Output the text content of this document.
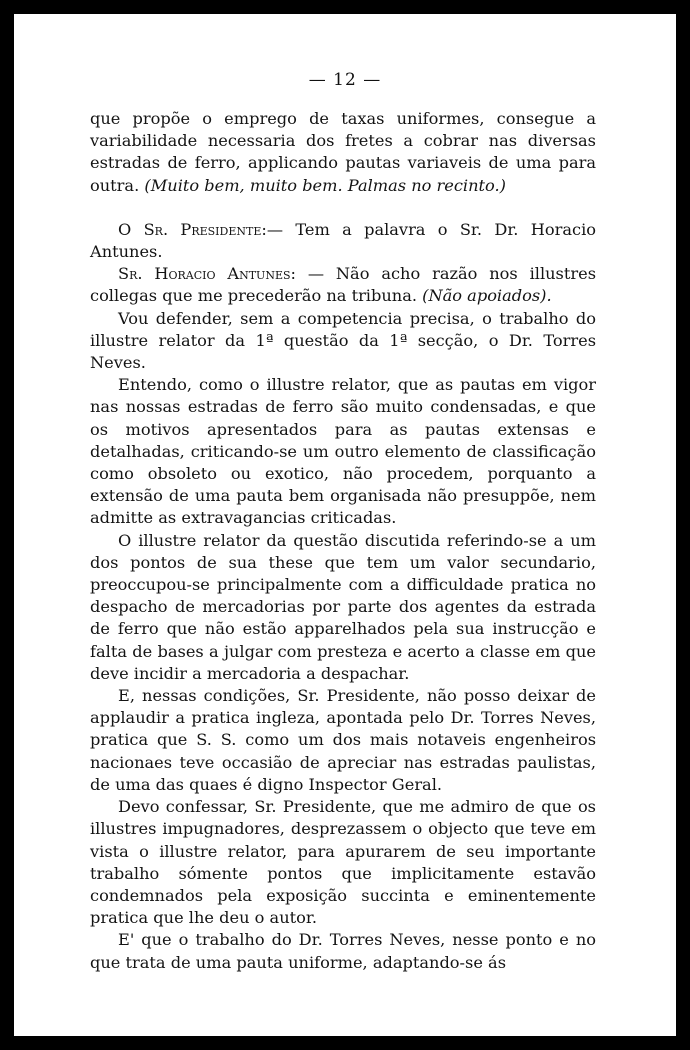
— 12 —

que propõe o emprego de taxas uniformes, consegue a variabilidade necessaria dos fretes a cobrar nas diversas estradas de ferro, applicando pautas variaveis de uma para outra. (Muito bem, muito bem. Palmas no recinto.)

O Sr. Presidente:— Tem a palavra o Sr. Dr. Horacio Antunes.

Sr. Horacio Antunes: — Não acho razão nos illustres collegas que me precederão na tribuna. (Não apoiados).

Vou defender, sem a competencia precisa, o trabalho do illustre relator da 1ª questão da 1ª secção, o Dr. Torres Neves.

Entendo, como o illustre relator, que as pautas em vigor nas nossas estradas de ferro são muito condensadas, e que os motivos apresentados para as pautas extensas e detalhadas, criticando-se um outro elemento de classificação como obsoleto ou exotico, não procedem, porquanto a extensão de uma pauta bem organisada não presuppõe, nem admitte as extravagancias criticadas.

O illustre relator da questão discutida referindo-se a um dos pontos de sua these que tem um valor secundario, preoccupou-se principalmente com a difficuldade pratica no despacho de mercadorias por parte dos agentes da estrada de ferro que não estão apparelhados pela sua instrucção e falta de bases a julgar com presteza e acerto a classe em que deve incidir a mercadoria a despachar.

E, nessas condições, Sr. Presidente, não posso deixar de applaudir a pratica ingleza, apontada pelo Dr. Torres Neves, pratica que S. S. como um dos mais notaveis engenheiros nacionaes teve occasião de apreciar nas estradas paulistas, de uma das quaes é digno Inspector Geral.

Devo confessar, Sr. Presidente, que me admiro de que os illustres impugnadores, desprezassem o objecto que teve em vista o illustre relator, para apurarem de seu importante trabalho sómente pontos que implicitamente estavão condemnados pela exposição succinta e eminentemente pratica que lhe deu o autor.

E' que o trabalho do Dr. Torres Neves, nesse ponto e no que trata de uma pauta uniforme, adaptando-se ás
